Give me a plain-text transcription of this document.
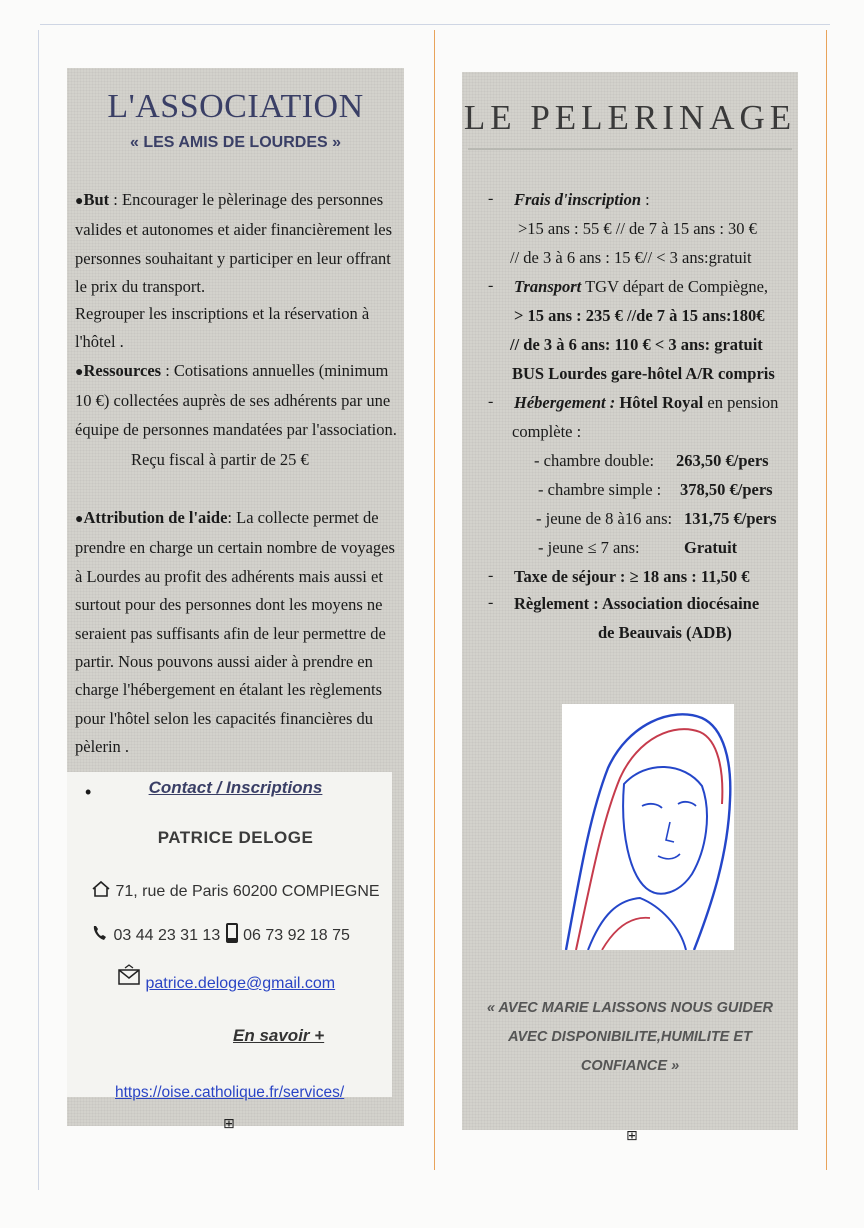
L'ASSOCIATION
« LES AMIS DE LOURDES »
●But : Encourager le pèlerinage des personnes valides et autonomes et aider financièrement les personnes souhaitant y participer en leur offrant le prix du transport.
Regrouper les inscriptions et la réservation à l'hôtel .
●Ressources : Cotisations annuelles (minimum 10 €) collectées auprès de ses adhérents par une équipe de personnes mandatées par l'association.
Reçu fiscal à partir de 25 €
●Attribution de l'aide: La collecte permet de prendre en charge un certain nombre de voyages à Lourdes au profit des adhérents mais aussi et surtout pour des personnes dont les moyens ne seraient pas suffisants afin de leur permettre de partir. Nous pouvons aussi aider à prendre en charge l'hébergement en étalant les règlements pour l'hôtel selon les capacités financières du pèlerin .
•	Contact / Inscriptions
PATRICE DELOGE
71, rue de Paris 60200 COMPIEGNE
03 44 23 31 13 06 73 92 18 75
patrice.deloge@gmail.com
En savoir +
https://oise.catholique.fr/services/
⊞
LE PELERINAGE
- Frais d'inscription :
>15 ans : 55 € // de 7 à 15 ans : 30 €
// de 3 à 6 ans : 15 €// < 3 ans:gratuit
- Transport TGV départ de Compiègne,
> 15 ans : 235 € //de 7 à 15 ans:180€
// de 3 à 6 ans: 110 € < 3 ans: gratuit
BUS Lourdes gare-hôtel A/R compris
- Hébergement : Hôtel Royal en pension
complète :
- chambre double: 263,50 €/pers
- chambre simple : 378,50 €/pers
- jeune de 8 à16 ans: 131,75 €/pers
- jeune ≤ 7 ans:	Gratuit
- Taxe de séjour : ≥ 18 ans : 11,50 €
- Règlement : Association diocésaine
de Beauvais (ADB)
« AVEC MARIE LAISSONS NOUS GUIDER
AVEC DISPONIBILITE,HUMILITE ET
CONFIANCE »
⊞
